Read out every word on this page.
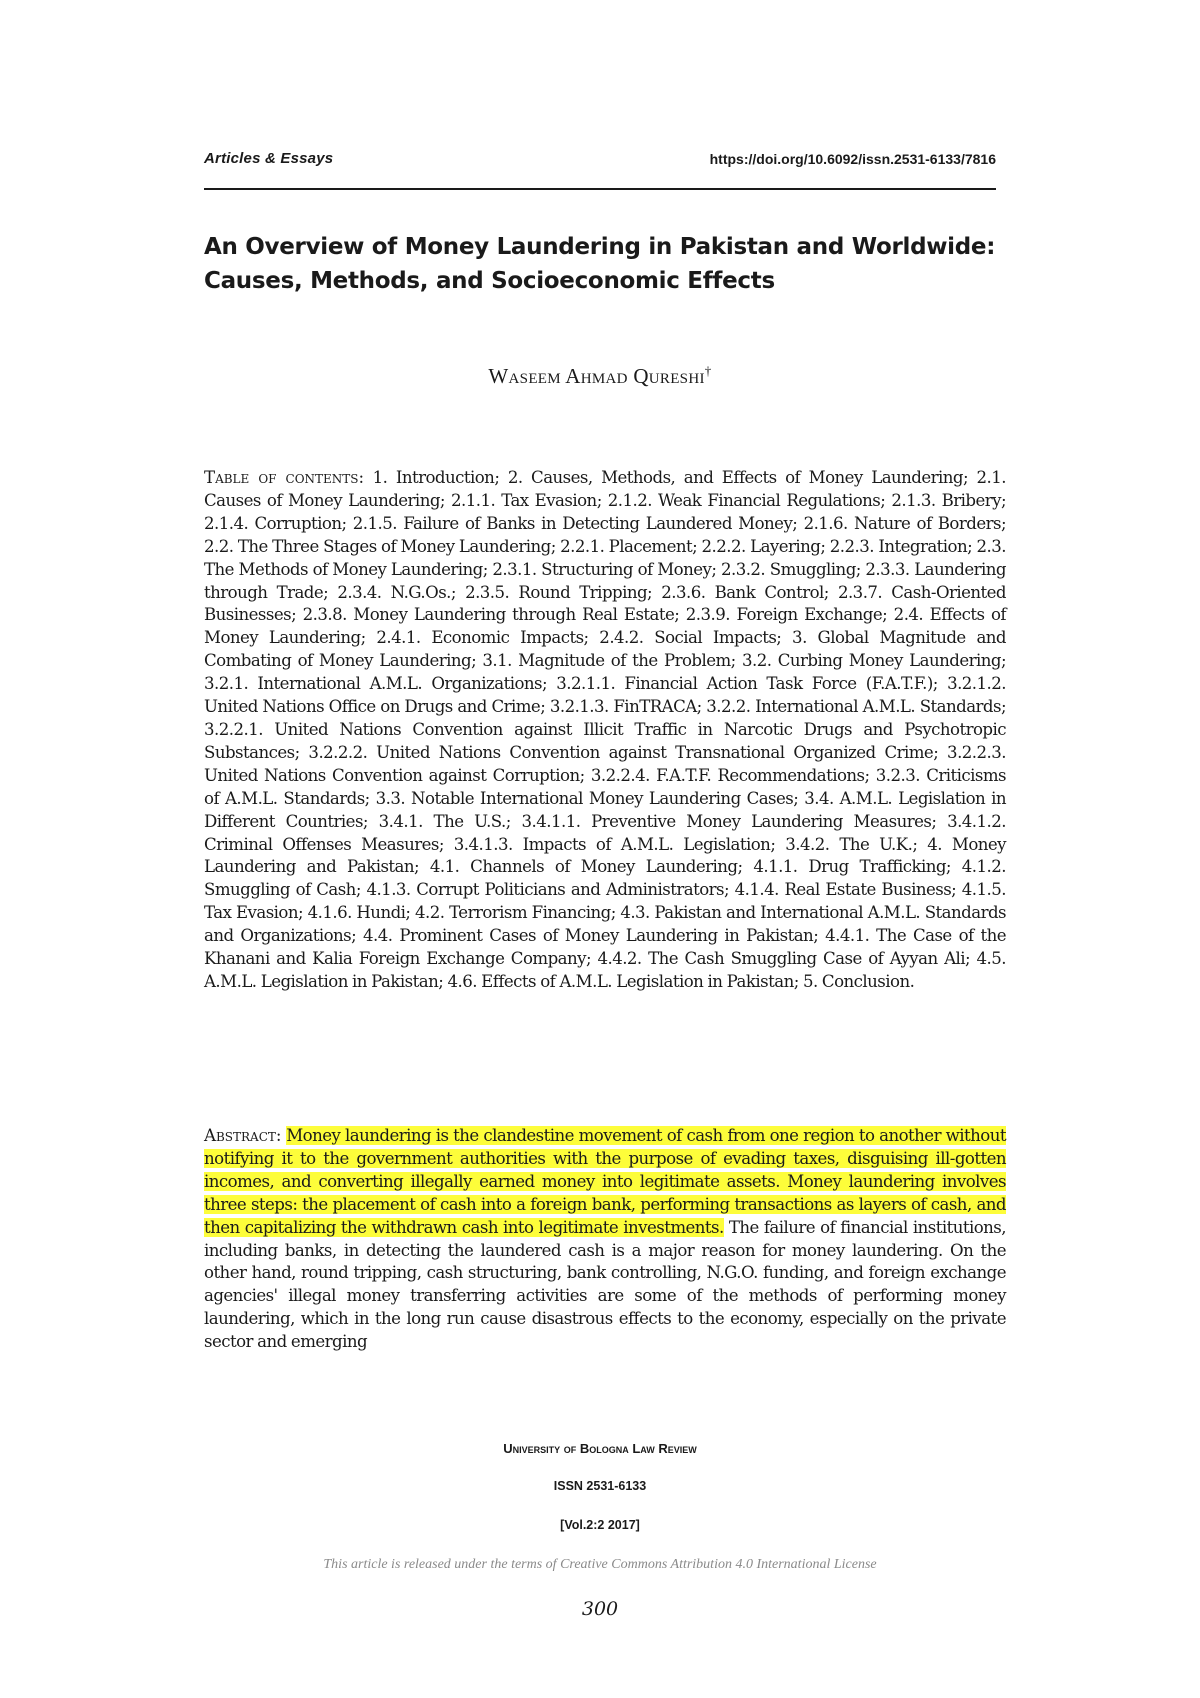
Articles & Essays	https://doi.org/10.6092/issn.2531-6133/7816
An Overview of Money Laundering in Pakistan and Worldwide: Causes, Methods, and Socioeconomic Effects
Waseem Ahmad Qureshi†

Table of contents: 1. Introduction; 2. Causes, Methods, and Effects of Money Laundering; 2.1. Causes of Money Laundering; 2.1.1. Tax Evasion; 2.1.2. Weak Financial Regulations; 2.1.3. Bribery; 2.1.4. Corruption; 2.1.5. Failure of Banks in Detecting Laundered Money; 2.1.6. Nature of Borders; 2.2. The Three Stages of Money Laundering; 2.2.1. Placement; 2.2.2. Layering; 2.2.3. Integration; 2.3. The Methods of Money Laundering; 2.3.1. Structuring of Money; 2.3.2. Smuggling; 2.3.3. Laundering through Trade; 2.3.4. N.G.Os.; 2.3.5. Round Tripping; 2.3.6. Bank Control; 2.3.7. Cash-Oriented Businesses; 2.3.8. Money Laundering through Real Estate; 2.3.9. Foreign Exchange; 2.4. Effects of Money Laundering; 2.4.1. Economic Impacts; 2.4.2. Social Impacts; 3. Global Magnitude and Combating of Money Laundering; 3.1. Magnitude of the Problem; 3.2. Curbing Money Laundering; 3.2.1. International A.M.L. Organizations; 3.2.1.1. Financial Action Task Force (F.A.T.F.); 3.2.1.2. United Nations Office on Drugs and Crime; 3.2.1.3. FinTRACA; 3.2.2. International A.M.L. Standards; 3.2.2.1. United Nations Convention against Illicit Traffic in Narcotic Drugs and Psychotropic Substances; 3.2.2.2. United Nations Convention against Transnational Organized Crime; 3.2.2.3. United Nations Convention against Corruption; 3.2.2.4. F.A.T.F. Recommendations; 3.2.3. Criticisms of A.M.L. Standards; 3.3. Notable International Money Laundering Cases; 3.4. A.M.L. Legislation in Different Countries; 3.4.1. The U.S.; 3.4.1.1. Preventive Money Laundering Measures; 3.4.1.2. Criminal Offenses Measures; 3.4.1.3. Impacts of A.M.L. Legislation; 3.4.2. The U.K.; 4. Money Laundering and Pakistan; 4.1. Channels of Money Laundering; 4.1.1. Drug Trafficking; 4.1.2. Smuggling of Cash; 4.1.3. Corrupt Politicians and Administrators; 4.1.4. Real Estate Business; 4.1.5. Tax Evasion; 4.1.6. Hundi; 4.2. Terrorism Financing; 4.3. Pakistan and International A.M.L. Standards and Organizations; 4.4. Prominent Cases of Money Laundering in Pakistan; 4.4.1. The Case of the Khanani and Kalia Foreign Exchange Company; 4.4.2. The Cash Smuggling Case of Ayyan Ali; 4.5. A.M.L. Legislation in Pakistan; 4.6. Effects of A.M.L. Legislation in Pakistan; 5. Conclusion.

Abstract: Money laundering is the clandestine movement of cash from one region to another without notifying it to the government authorities with the purpose of evading taxes, disguising ill-gotten incomes, and converting illegally earned money into legitimate assets. Money laundering involves three steps: the placement of cash into a foreign bank, performing transactions as layers of cash, and then capitalizing the withdrawn cash into legitimate investments. The failure of financial institutions, including banks, in detecting the laundered cash is a major reason for money laundering. On the other hand, round tripping, cash structuring, bank controlling, N.G.O. funding, and foreign exchange agencies' illegal money transferring activities are some of the methods of performing money laundering, which in the long run cause disastrous effects to the economy, especially on the private sector and emerging

University of Bologna Law Review
ISSN 2531-6133
[Vol.2:2 2017]
This article is released under the terms of Creative Commons Attribution 4.0 International License
300
